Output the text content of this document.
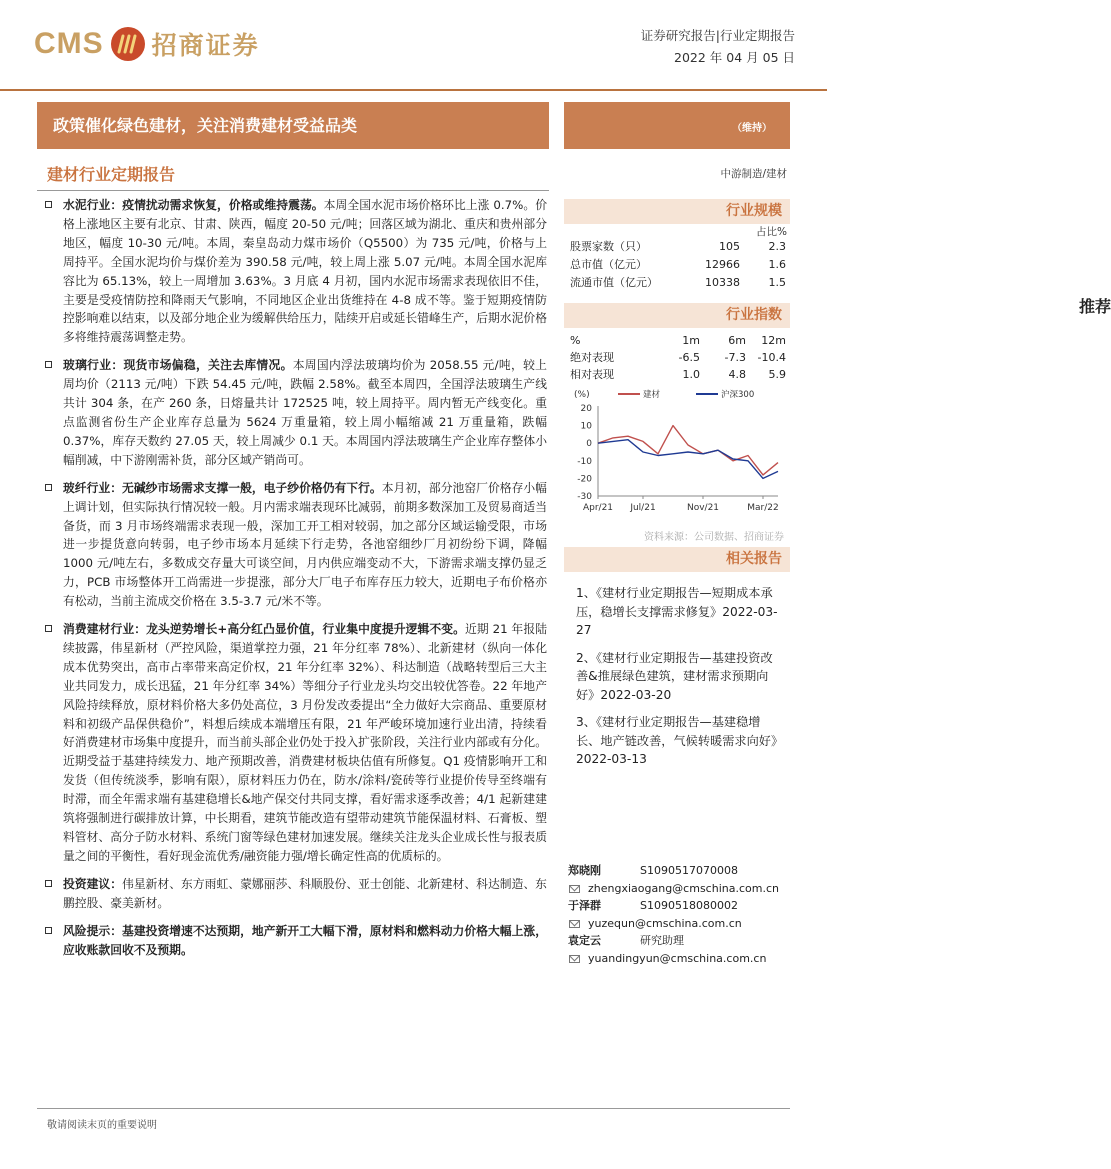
CMS 招商证券	证券研究报告|行业定期报告
2022 年 04 月 05 日
政策催化绿色建材，关注消费建材受益品类
推荐
（维持）
建材行业定期报告	中游制造/建材
水泥行业：疫情扰动需求恢复，价格或维持震荡。本周全国水泥市场价格环比上涨 0.7%。价格上涨地区主要有北京、甘肃、陕西，幅度 20-50 元/吨；回落区域为湖北、重庆和贵州部分地区，幅度 10-30 元/吨。本周，秦皇岛动力煤市场价（Q5500）为 735 元/吨，价格与上周持平。全国水泥均价与煤价差为 390.58 元/吨，较上周上涨 5.07 元/吨。本周全国水泥库容比为 65.13%，较上一周增加 3.63%。3 月底 4 月初，国内水泥市场需求表现依旧不佳，主要是受疫情防控和降雨天气影响，不同地区企业出货维持在 4-8 成不等。鉴于短期疫情防控影响难以结束，以及部分地企业为缓解供给压力，陆续开启或延长错峰生产，后期水泥价格多将维持震荡调整走势。
玻璃行业：现货市场偏稳，关注去库情况。本周国内浮法玻璃均价为 2058.55 元/吨，较上周均价（2113 元/吨）下跌 54.45 元/吨，跌幅 2.58%。截至本周四，全国浮法玻璃生产线共计 304 条，在产 260 条，日熔量共计 172525 吨，较上周持平。周内暂无产线变化。重点监测省份生产企业库存总量为 5624 万重量箱，较上周小幅缩减 21 万重量箱，跌幅 0.37%，库存天数约 27.05 天，较上周减少 0.1 天。本周国内浮法玻璃生产企业库存整体小幅削减，中下游刚需补货，部分区域产销尚可。
玻纤行业：无碱纱市场需求支撑一般，电子纱价格仍有下行。本月初，部分池窑厂价格存小幅上调计划，但实际执行情况较一般。月内需求端表现环比减弱，前期多数深加工及贸易商适当备货，而 3 月市场终端需求表现一般，深加工开工相对较弱，加之部分区域运输受限，市场进一步提货意向转弱，电子纱市场本月延续下行走势，各池窑细纱厂月初纷纷下调，降幅 1000 元/吨左右，多数成交存量大可谈空间，月内供应端变动不大，下游需求端支撑仍显乏力，PCB 市场整体开工尚需进一步提涨，部分大厂电子布库存压力较大，近期电子布价格亦有松动，当前主流成交价格在 3.5-3.7 元/米不等。
消费建材行业：龙头逆势增长+高分红凸显价值，行业集中度提升逻辑不变。近期 21 年报陆续披露，伟星新材（严控风险，渠道掌控力强，21 年分红率 78%）、北新建材（纵向一体化成本优势突出，高市占率带来高定价权，21 年分红率 32%）、科达制造（战略转型后三大主业共同发力，成长迅猛，21 年分红率 34%）等细分子行业龙头均交出较优答卷。22 年地产风险持续释放，原材料价格大多仍处高位，3 月份发改委提出“全力做好大宗商品、重要原材料和初级产品保供稳价”，料想后续成本端增压有限，21 年严峻环境加速行业出清，持续看好消费建材市场集中度提升，而当前头部企业仍处于投入扩张阶段，关注行业内部或有分化。近期受益于基建持续发力、地产预期改善，消费建材板块估值有所修复。Q1 疫情影响开工和发货（但传统淡季，影响有限），原材料压力仍在，防水/涂料/瓷砖等行业提价传导至终端有时滞，而全年需求端有基建稳增长&地产保交付共同支撑，看好需求逐季改善；4/1 起新建建筑将强制进行碳排放计算，中长期看，建筑节能改造有望带动建筑节能保温材料、石膏板、塑料管材、高分子防水材料、系统门窗等绿色建材加速发展。继续关注龙头企业成长性与报表质量之间的平衡性，看好现金流优秀/融资能力强/增长确定性高的优质标的。
投资建议：伟星新材、东方雨虹、蒙娜丽莎、科顺股份、亚士创能、北新建材、科达制造、东鹏控股、豪美新材。
风险提示：基建投资增速不达预期，地产新开工大幅下滑，原材料和燃料动力价格大幅上涨，应收账款回收不及预期。
行业规模
占比%
股票家数（只）	105	2.3
总市值（亿元）	12966	1.6
流通市值（亿元）	10338	1.5
行业指数
%	1m	6m	12m
绝对表现	-6.5	-7.3	-10.4
相对表现	1.0	4.8	5.9
(%)	建材	沪深300
20
10
0
-10
-20
-30
Apr/21 Jul/21	Nov/21	Mar/22
资料来源：公司数据、招商证券
相关报告
1、《建材行业定期报告—短期成本承压，稳增长支撑需求修复》2022-03-27
2、《建材行业定期报告—基建投资改善&推展绿色建筑，建材需求预期向好》2022-03-20
3、《建材行业定期报告—基建稳增长、地产链改善，气候转暖需求向好》2022-03-13
郑晓刚	S1090517070008
zhengxiaogang@cmschina.com.cn
于泽群	S1090518080002
yuzequn@cmschina.com.cn
袁定云	研究助理
yuandingyun@cmschina.com.cn
敬请阅读末页的重要说明
